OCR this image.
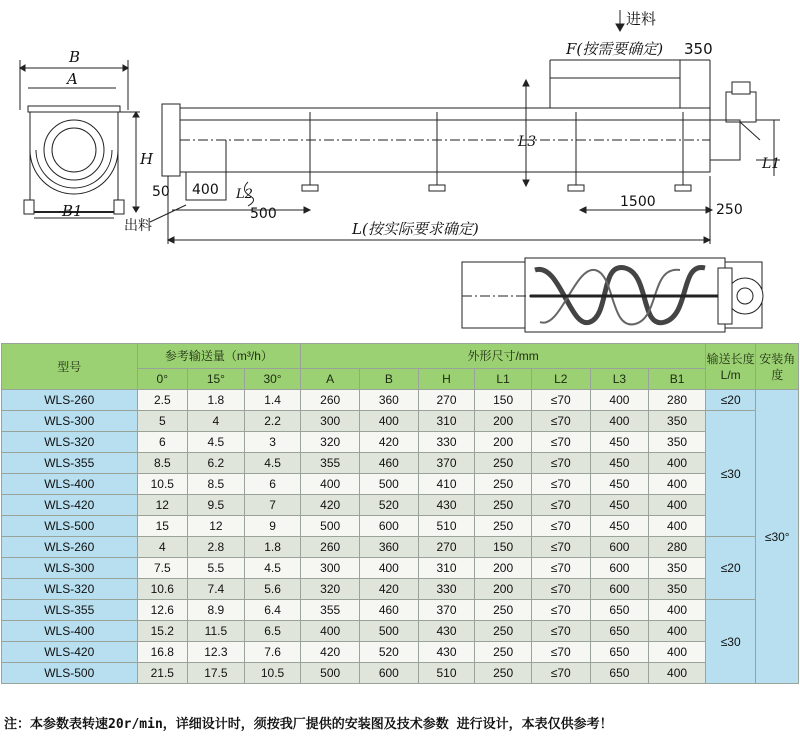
进料
F(按需要确定) 350
B
A
H
B1
L3
L1
L2
50 400
500
1500	250
出料	L(按实际要求确定)
型号	参考输送量（m³/h）			外形尺寸/mm							输送长度 L/m	安装角度
	0°	15°	30°	A	B	H	L1	L2	L3	B1		
WLS-260	2.5	1.8	1.4	260	360	270	150	≤70	400	280	≤20	≤30°
WLS-300	5	4	2.2	300	400	310	200	≤70	400	350	≤30	
WLS-320	6	4.5	3	320	420	330	200	≤70	450	350		
WLS-355	8.5	6.2	4.5	355	460	370	250	≤70	450	400		
WLS-400	10.5	8.5	6	400	500	410	250	≤70	450	400		
WLS-420	12	9.5	7	420	520	430	250	≤70	450	400		
WLS-500	15	12	9	500	600	510	250	≤70	450	400		
WLS-260	4	2.8	1.8	260	360	270	150	≤70	600	280	≤20	
WLS-300	7.5	5.5	4.5	300	400	310	200	≤70	600	350		
WLS-320	10.6	7.4	5.6	320	420	330	200	≤70	600	350		
WLS-355	12.6	8.9	6.4	355	460	370	250	≤70	650	400	≤30	
WLS-400	15.2	11.5	6.5	400	500	430	250	≤70	650	400		
WLS-420	16.8	12.3	7.6	420	520	430	250	≤70	650	400		
WLS-500	21.5	17.5	10.5	500	600	510	250	≤70	650	400		
注：本参数表转速20r/min，详细设计时，须按我厂提供的安装图及技术参数 进行设计，本表仅供参考！
